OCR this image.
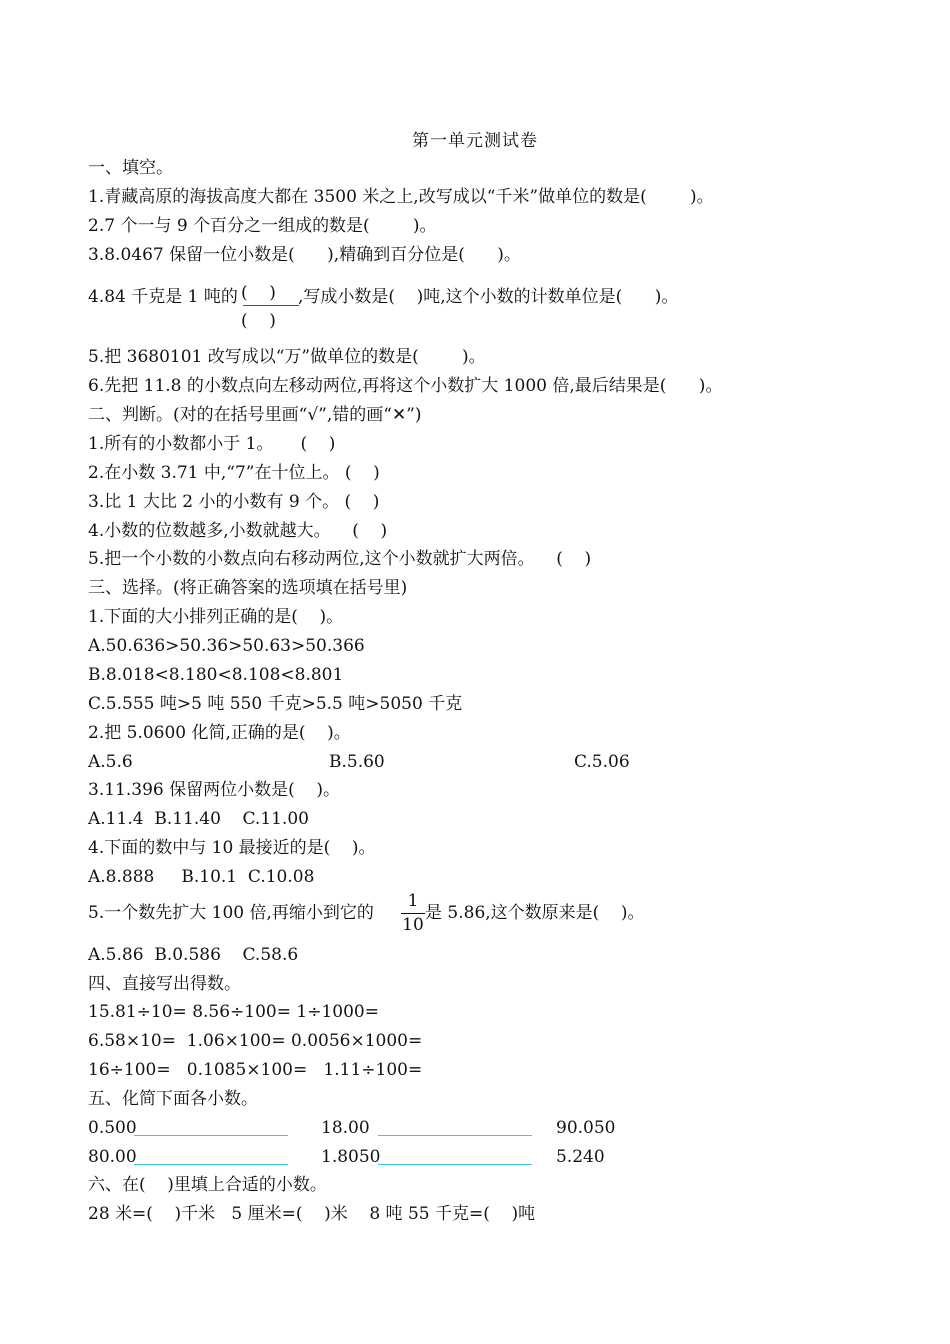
第一单元测试卷
一、填空。
1.青藏高原的海拔高度大都在 3500 米之上,改写成以“千米”做单位的数是(        )。
2.7 个一与 9 个百分之一组成的数是(        )。
3.8.0467 保留一位小数是(      ),精确到百分位是(      )。
4.84 千克是 1 吨的 (    )
(    )
,写成小数是(    )吨,这个小数的计数单位是(      )。
5.把 3680101 改写成以“万”做单位的数是(        )。
6.先把 11.8 的小数点向左移动两位,再将这个小数扩大 1000 倍,最后结果是(      )。
二、判断。(对的在括号里画“√”,错的画“✕”)
1.所有的小数都小于 1。     (    )
2.在小数 3.71 中,“7”在十位上。 (    )
3.比 1 大比 2 小的小数有 9 个。 (    )
4.小数的位数越多,小数就越大。    (    )
5.把一个小数的小数点向右移动两位,这个小数就扩大两倍。    (    )
三、选择。(将正确答案的选项填在括号里)
1.下面的大小排列正确的是(    )。
A.50.636>50.36>50.63>50.366
B.8.018<8.180<8.108<8.801
C.5.555 吨>5 吨 550 千克>5.5 吨>5050 千克
2.把 5.0600 化简,正确的是(    )。
A.5.6	B.5.60	C.5.06
3.11.396 保留两位小数是(    )。
A.11.4  B.11.40    C.11.00
4.下面的数中与 10 最接近的是(    )。
A.8.888     B.10.1  C.10.08
5.一个数先扩大 100 倍,再缩小到它的
1
10
是 5.86,这个数原来是(    )。
A.5.86  B.0.586    C.58.6
四、直接写出得数。
15.81÷10= 8.56÷100= 1÷1000=
6.58×10=  1.06×100= 0.0056×1000=
16÷100=   0.1085×100=   1.11÷100=
五、化简下面各小数。
0.500	18.00	90.050
80.00	1.8050	5.240
六、在(    )里填上合适的小数。
28 米=(    )千米   5 厘米=(    )米    8 吨 55 千克=(    )吨
